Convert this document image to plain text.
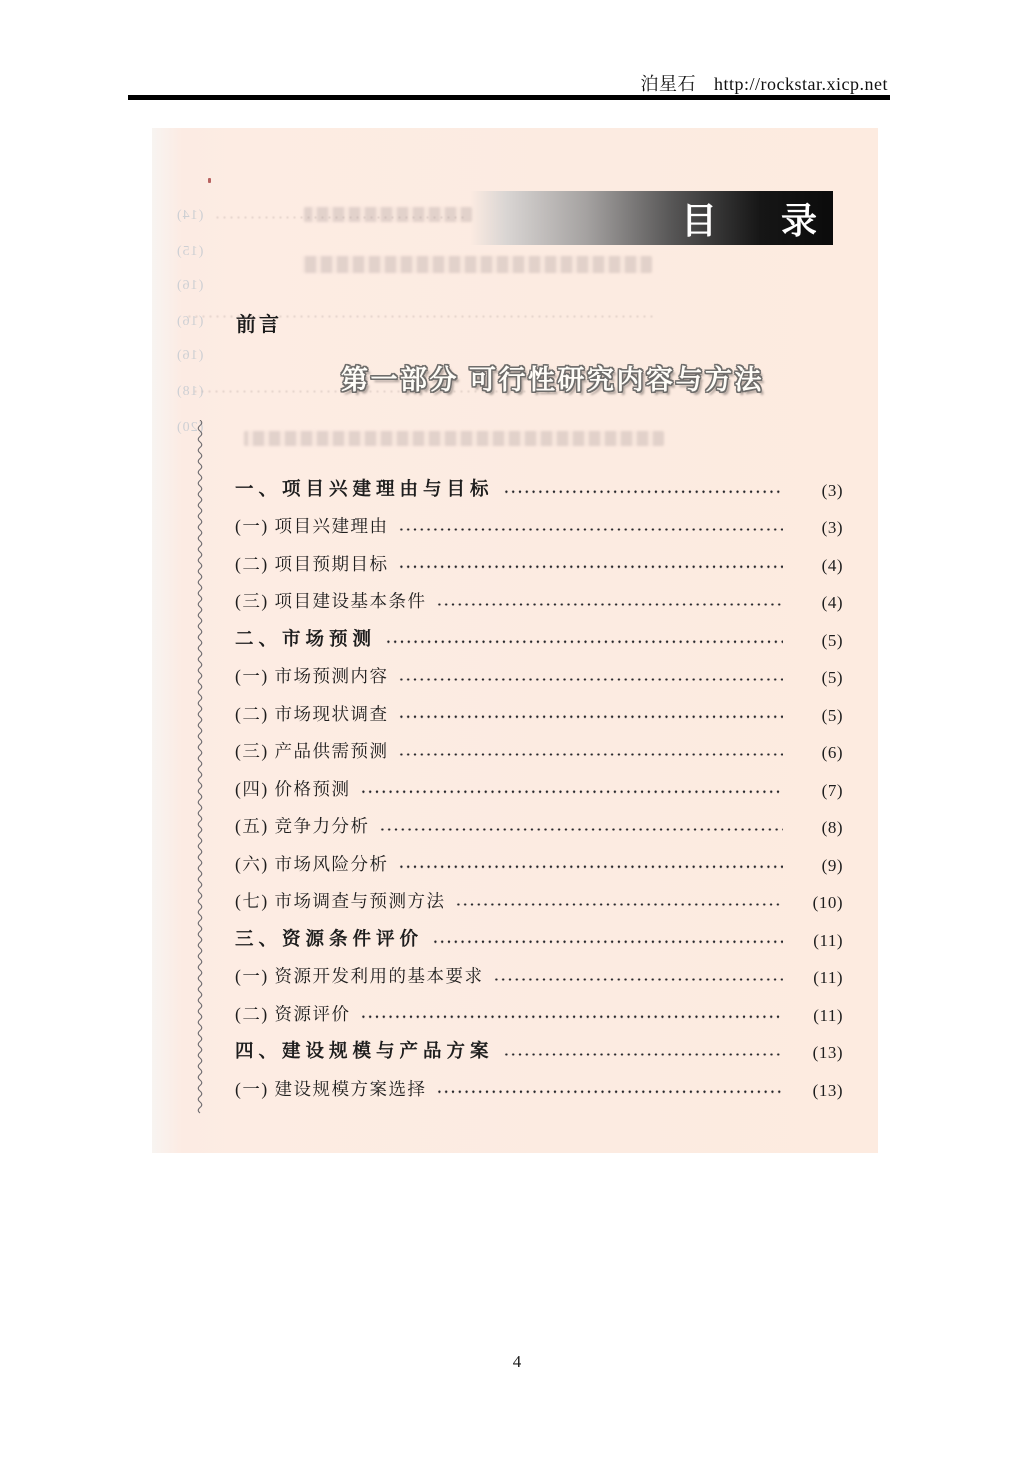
泊星石 http://rockstar.xicp.net
(14)
(15)
(16)
(16)
(16)
(18)
(20)
目　录
前言
第一部分 可行性研究内容与方法
一、项目兴建理由与目标	(3)
(一) 项目兴建理由	(3)
(二) 项目预期目标	(4)
(三) 项目建设基本条件	(4)
二、市场预测	(5)
(一) 市场预测内容	(5)
(二) 市场现状调查	(5)
(三) 产品供需预测	(6)
(四) 价格预测	(7)
(五) 竞争力分析	(8)
(六) 市场风险分析	(9)
(七) 市场调查与预测方法	(10)
三、资源条件评价	(11)
(一) 资源开发利用的基本要求	(11)
(二) 资源评价	(11)
四、建设规模与产品方案	(13)
(一) 建设规模方案选择	(13)
4
